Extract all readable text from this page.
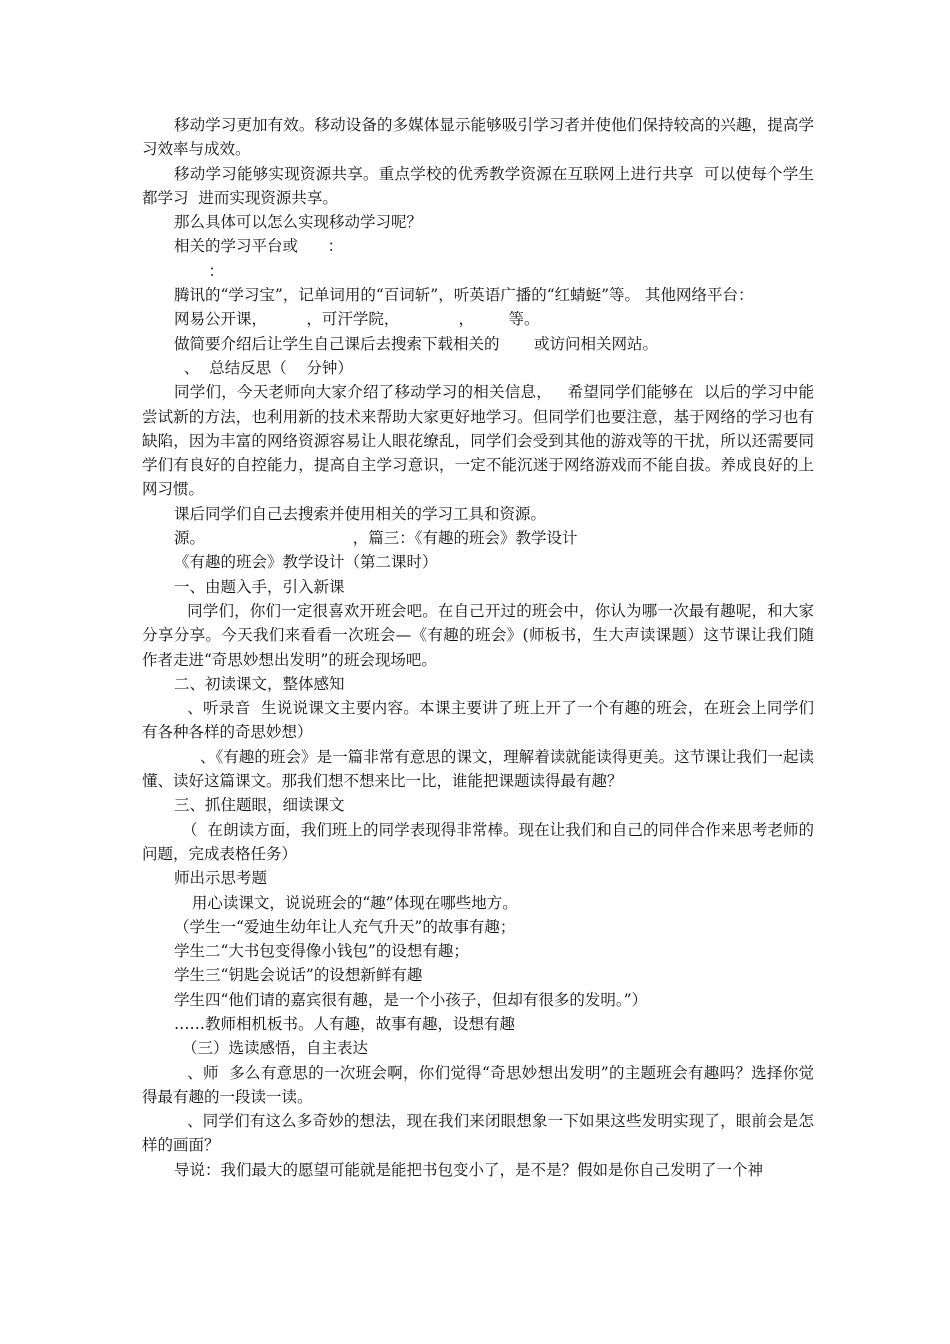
移动学习更加有效。移动设备的多媒体显示能够吸引学习者并使他们保持较高的兴趣，提高学习效率与成效。

移动学习能够实现资源共享。重点学校的优秀教学资源在互联网上进行共享  可以使每个学生都学习  进而实现资源共享。

那么具体可以怎么实现移动学习呢？

相关的学习平台或      ：

：

腾讯的“学习宝”，记单词用的“百词斩”，听英语广播的“红蜻蜓”等。 其他网络平台：

网易公开课，        ，可汗学院，            ，       等。

做简要介绍后让学生自己课后去搜索下载相关的       或访问相关网站。

、  总结反思（    分钟）

同学们，今天老师向大家介绍了移动学习的相关信息，   希望同学们能够在  以后的学习中能尝试新的方法，也利用新的技术来帮助大家更好地学习。但同学们也要注意，基于网络的学习也有缺陷，因为丰富的网络资源容易让人眼花缭乱，同学们会受到其他的游戏等的干扰，所以还需要同学们有良好的自控能力，提高自主学习意识，一定不能沉迷于网络游戏而不能自拔。养成良好的上网习惯。

课后同学们自己去搜索并使用相关的学习工具和资源。

源。                              ，篇三：《有趣的班会》教学设计

《有趣的班会》教学设计（第二课时）

一、由题入手，引入新课

同学们，你们一定很喜欢开班会吧。在自己开过的班会中，你认为哪一次最有趣呢，和大家分享分享。今天我们来看看一次班会—《有趣的班会》(师板书，生大声读课题）这节课让我们随作者走进“奇思妙想出发明”的班会现场吧。

二、初读课文，整体感知

、听录音  生说说课文主要内容。本课主要讲了班上开了一个有趣的班会，在班会上同学们有各种各样的奇思妙想）

、《有趣的班会》是一篇非常有意思的课文，理解着读就能读得更美。这节课让我们一起读懂、读好这篇课文。那我们想不想来比一比，谁能把课题读得最有趣？

三、抓住题眼，细读课文

（  在朗读方面，我们班上的同学表现得非常棒。现在让我们和自己的同伴合作来思考老师的问题，完成表格任务）

师出示思考题

用心读课文，说说班会的“趣”体现在哪些地方。

（学生一“爱迪生幼年让人充气升天”的故事有趣；

学生二“大书包变得像小钱包”的设想有趣；

学生三“钥匙会说话”的设想新鲜有趣

学生四“他们请的嘉宾很有趣，是一个小孩子，但却有很多的发明。”）

……教师相机板书。人有趣，故事有趣，设想有趣

（三）选读感悟，自主表达

、师  多么有意思的一次班会啊，你们觉得“奇思妙想出发明”的主题班会有趣吗？选择你觉得最有趣的一段读一读。

、同学们有这么多奇妙的想法，现在我们来闭眼想象一下如果这些发明实现了，眼前会是怎样的画面？

导说：我们最大的愿望可能就是能把书包变小了，是不是？假如是你自己发明了一个神
